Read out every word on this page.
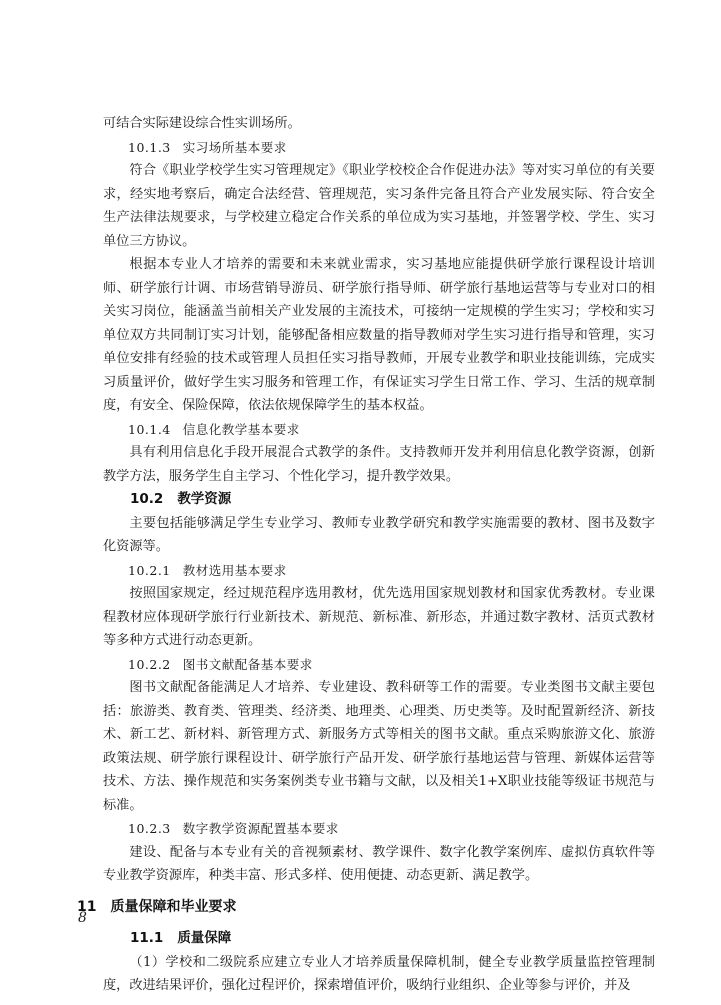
可结合实际建设综合性实训场所。

10.1.3 实习场所基本要求

符合《职业学校学生实习管理规定》《职业学校校企合作促进办法》等对实习单位的有关要求，经实地考察后，确定合法经营、管理规范，实习条件完备且符合产业发展实际、符合安全生产法律法规要求，与学校建立稳定合作关系的单位成为实习基地，并签署学校、学生、实习单位三方协议。

根据本专业人才培养的需要和未来就业需求，实习基地应能提供研学旅行课程设计培训师、研学旅行计调、市场营销导游员、研学旅行指导师、研学旅行基地运营等与专业对口的相关实习岗位，能涵盖当前相关产业发展的主流技术，可接纳一定规模的学生实习；学校和实习单位双方共同制订实习计划，能够配备相应数量的指导教师对学生实习进行指导和管理，实习单位安排有经验的技术或管理人员担任实习指导教师，开展专业教学和职业技能训练，完成实习质量评价，做好学生实习服务和管理工作，有保证实习学生日常工作、学习、生活的规章制度，有安全、保险保障，依法依规保障学生的基本权益。

10.1.4 信息化教学基本要求

具有利用信息化手段开展混合式教学的条件。支持教师开发并利用信息化教学资源，创新教学方法，服务学生自主学习、个性化学习，提升教学效果。

10.2 教学资源

主要包括能够满足学生专业学习、教师专业教学研究和教学实施需要的教材、图书及数字化资源等。

10.2.1 教材选用基本要求

按照国家规定，经过规范程序选用教材，优先选用国家规划教材和国家优秀教材。专业课程教材应体现研学旅行行业新技术、新规范、新标准、新形态，并通过数字教材、活页式教材等多种方式进行动态更新。

10.2.2 图书文献配备基本要求

图书文献配备能满足人才培养、专业建设、教科研等工作的需要。专业类图书文献主要包括：旅游类、教育类、管理类、经济类、地理类、心理类、历史类等。及时配置新经济、新技术、新工艺、新材料、新管理方式、新服务方式等相关的图书文献。重点采购旅游文化、旅游政策法规、研学旅行课程设计、研学旅行产品开发、研学旅行基地运营与管理、新媒体运营等技术、方法、操作规范和实务案例类专业书籍与文献，以及相关1+X职业技能等级证书规范与标准。

10.2.3 数字教学资源配置基本要求

建设、配备与本专业有关的音视频素材、教学课件、数字化教学案例库、虚拟仿真软件等专业教学资源库，种类丰富、形式多样、使用便捷、动态更新、满足教学。

11 质量保障和毕业要求

11.1 质量保障

（1）学校和二级院系应建立专业人才培养质量保障机制，健全专业教学质量监控管理制度，改进结果评价，强化过程评价，探索增值评价，吸纳行业组织、企业等参与评价，并及

8
